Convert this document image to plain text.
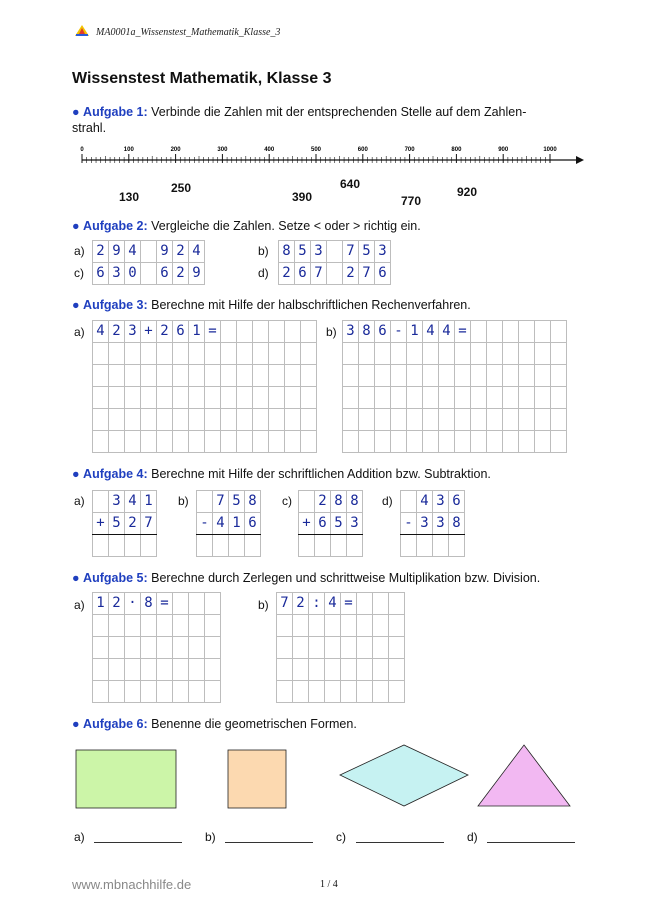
MA0001a_Wissenstest_Mathematik_Klasse_3
Wissenstest Mathematik, Klasse 3
● Aufgabe 1: Verbinde die Zahlen mit der entsprechenden Stelle auf dem Zahlen-
strahl.
0	100	200	300	400	500	600	700	800	900	1000
130
250
390
640
770
920
● Aufgabe 2: Vergleiche die Zahlen. Setze < oder > richtig ein.
a) 2	9	4		9	2	4
c) 6	3	0		6	2	9
b) 8	5	3		7	5	3
d) 2	6	7		2	7	6
● Aufgabe 3: Berechne mit Hilfe der halbschriftlichen Rechenverfahren.
a) 4	2	3	+	2	6	1	=						

														b) 3	8	6	-	1	4	4	=						

● Aufgabe 4: Berechne mit Hilfe der schriftlichen Addition bzw. Subtraktion.
a)
	3	4	1
+	5	2	7

b)
	7	5	8
-	4	1	6

c)
	2	8	8
+	6	5	3

d)
	4	3	6
-	3	3	8

● Aufgabe 5: Berechne durch Zerlegen und schrittweise Multiplikation bzw. Division.
a) 1	2	·	8	=			

								b) 7	2	:	4	=			

● Aufgabe 6: Benenne die geometrischen Formen.
a)	b)	c)	d)
www.mbnachhilfe.de	1 / 4
